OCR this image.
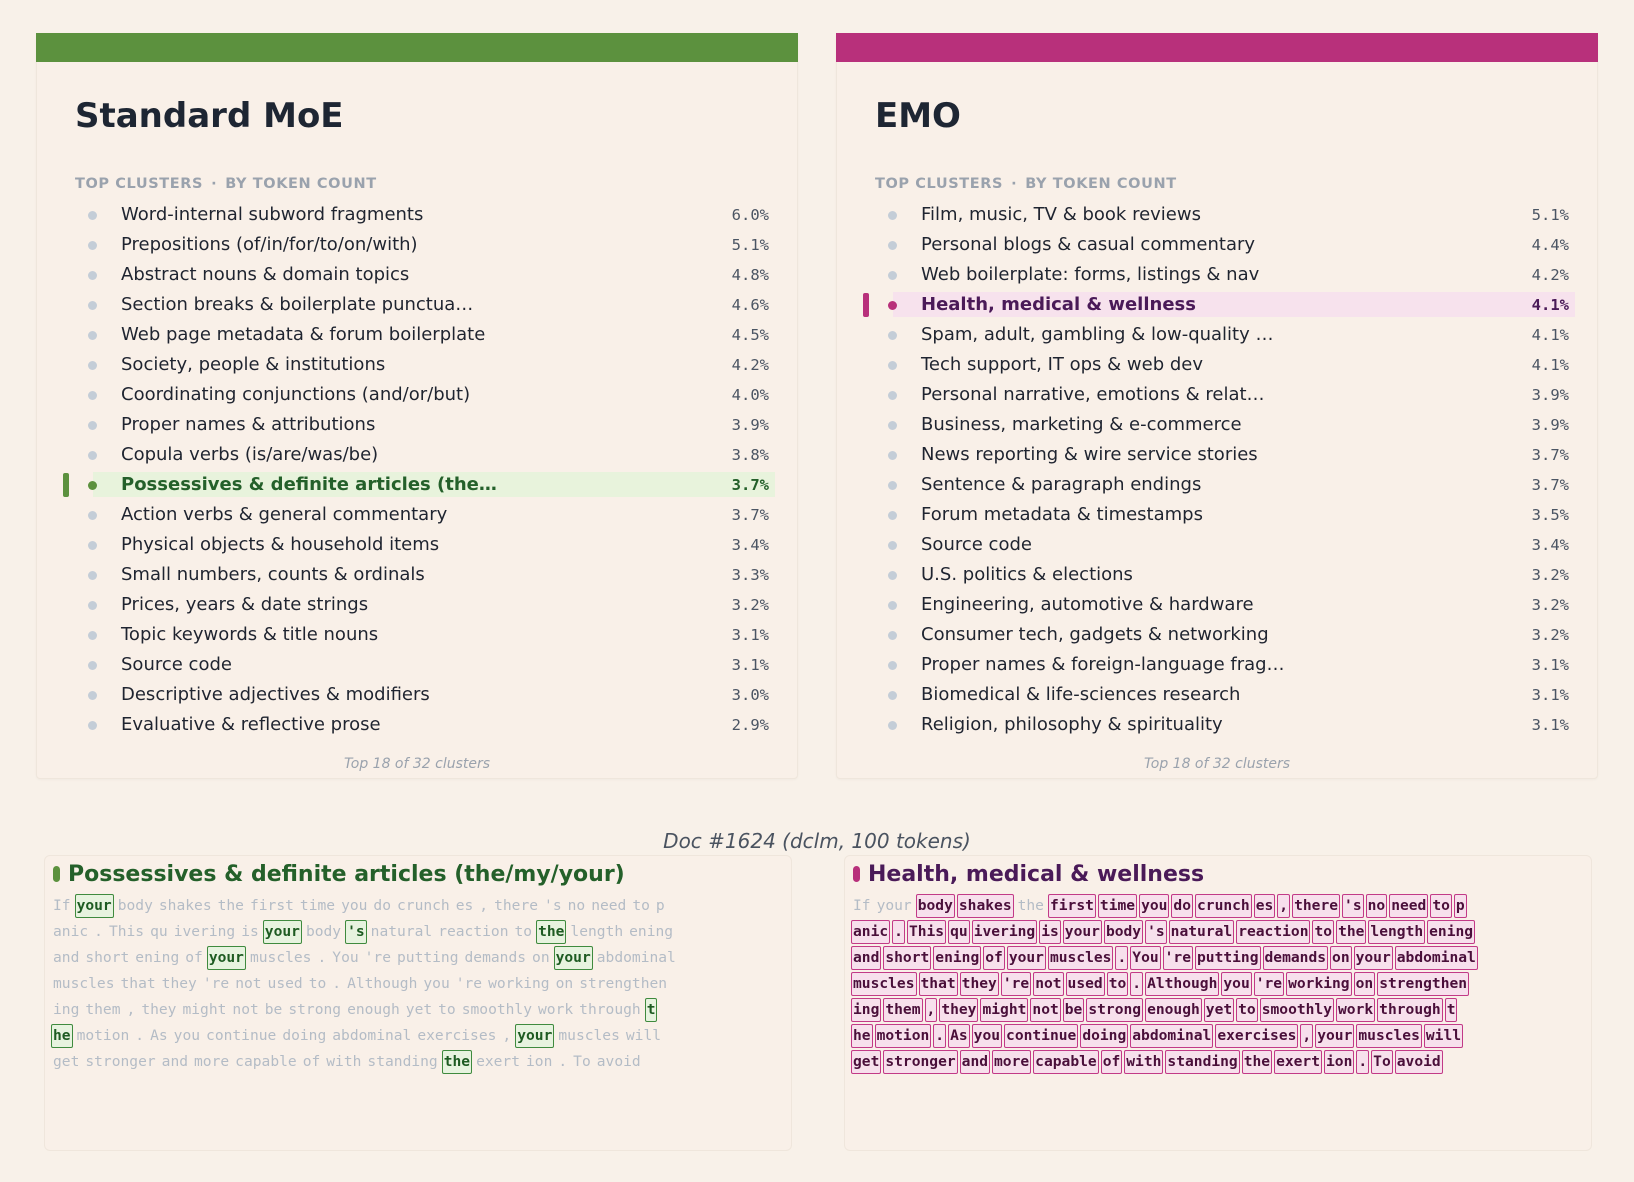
Standard MoE
TOP CLUSTERS · BY TOKEN COUNT
Word-internal subword fragments	6.0%
Prepositions (of/in/for/to/on/with)	5.1%
Abstract nouns & domain topics	4.8%
Section breaks & boilerplate punctua…	4.6%
Web page metadata & forum boilerplate	4.5%
Society, people & institutions	4.2%
Coordinating conjunctions (and/or/but)	4.0%
Proper names & attributions	3.9%
Copula verbs (is/are/was/be)	3.8%
Possessives & definite articles (the…	3.7%
Action verbs & general commentary	3.7%
Physical objects & household items	3.4%
Small numbers, counts & ordinals	3.3%
Prices, years & date strings	3.2%
Topic keywords & title nouns	3.1%
Source code	3.1%
Descriptive adjectives & modifiers	3.0%
Evaluative & reflective prose	2.9%
Top 18 of 32 clusters
EMO
TOP CLUSTERS · BY TOKEN COUNT
Film, music, TV & book reviews	5.1%
Personal blogs & casual commentary	4.4%
Web boilerplate: forms, listings & nav	4.2%
Health, medical & wellness	4.1%
Spam, adult, gambling & low-quality …	4.1%
Tech support, IT ops & web dev	4.1%
Personal narrative, emotions & relat…	3.9%
Business, marketing & e-commerce	3.9%
News reporting & wire service stories	3.7%
Sentence & paragraph endings	3.7%
Forum metadata & timestamps	3.5%
Source code	3.4%
U.S. politics & elections	3.2%
Engineering, automotive & hardware	3.2%
Consumer tech, gadgets & networking	3.2%
Proper names & foreign-language frag…	3.1%
Biomedical & life-sciences research	3.1%
Religion, philosophy & spirituality	3.1%
Top 18 of 32 clusters
Doc #1624 (dclm, 100 tokens)
Possessives & definite articles (the/my/your)
If your body shakes the first time you do crunch es , there 's no need to p
anic . This qu ivering is your body 's natural reaction to the length ening
and short ening of your muscles . You 're putting demands on your abdominal
muscles that they 're not used to . Although you 're working on strengthen
ing them , they might not be strong enough yet to smoothly work through t
he motion . As you continue doing abdominal exercises , your muscles will
get stronger and more capable of with standing the exert ion . To avoid
Health, medical & wellness
If your body shakes the first time you do crunch es , there 's no need to p
anic . This qu ivering is your body 's natural reaction to the length ening
and short ening of your muscles . You 're putting demands on your abdominal
muscles that they 're not used to . Although you 're working on strengthen
ing them , they might not be strong enough yet to smoothly work through t
he motion . As you continue doing abdominal exercises , your muscles will
get stronger and more capable of with standing the exert ion . To avoid
